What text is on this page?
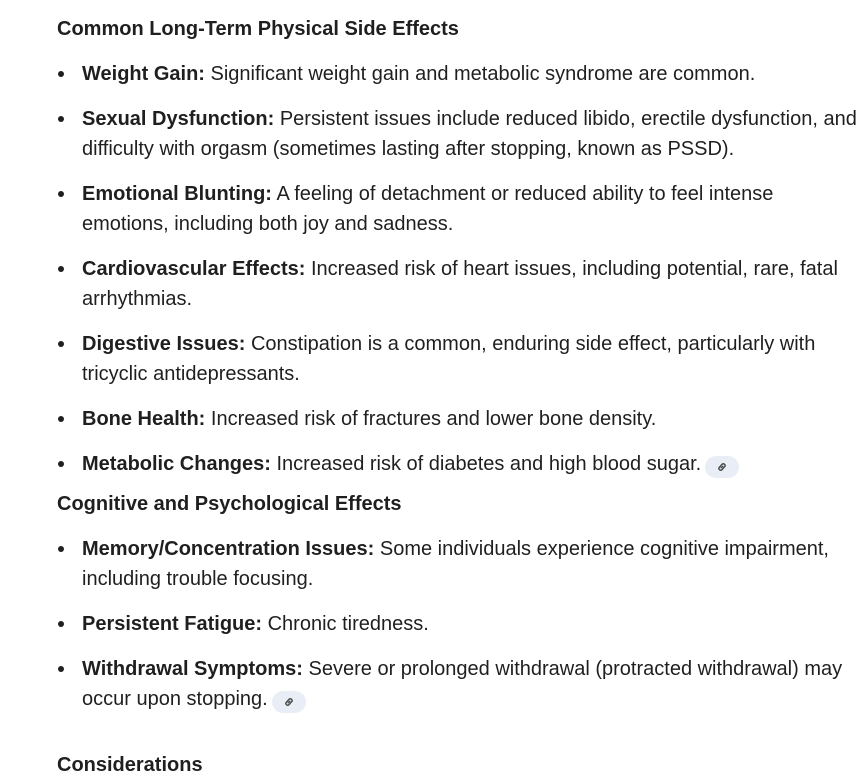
Common Long-Term Physical Side Effects
Weight Gain: Significant weight gain and metabolic syndrome are common.
Sexual Dysfunction: Persistent issues include reduced libido, erectile dysfunction, and difficulty with orgasm (sometimes lasting after stopping, known as PSSD).
Emotional Blunting: A feeling of detachment or reduced ability to feel intense emotions, including both joy and sadness.
Cardiovascular Effects: Increased risk of heart issues, including potential, rare, fatal arrhythmias.
Digestive Issues: Constipation is a common, enduring side effect, particularly with tricyclic antidepressants.
Bone Health: Increased risk of fractures and lower bone density.
Metabolic Changes: Increased risk of diabetes and high blood sugar.
Cognitive and Psychological Effects
Memory/Concentration Issues: Some individuals experience cognitive impairment, including trouble focusing.
Persistent Fatigue: Chronic tiredness.
Withdrawal Symptoms: Severe or prolonged withdrawal (protracted withdrawal) may occur upon stopping.
Considerations
